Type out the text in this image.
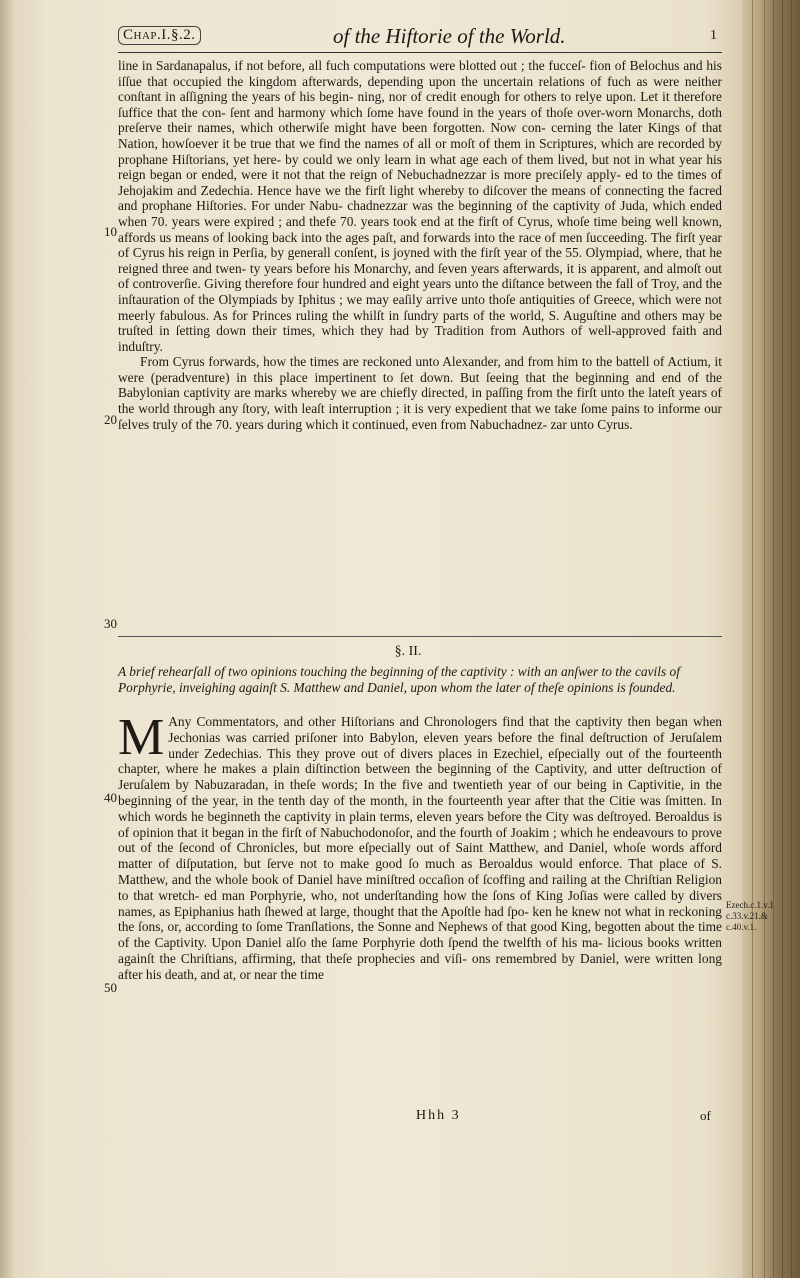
Chap.I.§.2.	of the Hiftorie of the World.	1
10
20
30
40
50

line in Sardanapalus, if not before, all fuch computations were blotted out ; the fucceſ- fion of Belochus and his iſſue that occupied the kingdom afterwards, depending upon the uncertain relations of fuch as were neither conſtant in aſſigning the years of his begin- ning, nor of credit enough for others to relye upon. Let it therefore ſuffice that the con- ſent and harmony which ſome have found in the years of thoſe over-worn Monarchs, doth preſerve their names, which otherwiſe might have been forgotten. Now con- cerning the later Kings of that Nation, howſoever it be true that we find the names of all or moſt of them in Scriptures, which are recorded by prophane Hiſtorians, yet here- by could we only learn in what age each of them lived, but not in what year his reign began or ended, were it not that the reign of Nebuchadnezzar is more preciſely apply- ed to the times of Jehojakim and Zedechia. Hence have we the firſt light whereby to diſcover the means of connecting the facred and prophane Hiſtories. For under Nabu- chadnezzar was the beginning of the captivity of Juda, which ended when 70. years were expired ; and thefe 70. years took end at the firſt of Cyrus, whoſe time being well known, affords us means of looking back into the ages paſt, and forwards into the race of men ſucceeding. The firſt year of Cyrus his reign in Perſia, by generall conſent, is joyned with the firſt year of the 55. Olympiad, where, that he reigned three and twen- ty years before his Monarchy, and ſeven years afterwards, it is apparent, and almoſt out of controverſie. Giving therefore four hundred and eight years unto the diſtance between the fall of Troy, and the inſtauration of the Olympiads by Iphitus ; we may eaſily arrive unto thoſe antiquities of Greece, which were not meerly fabulous. As for Princes ruling the whilſt in ſundry parts of the world, S. Auguſtine and others may be truſted in ſetting down their times, which they had by Tradition from Authors of well-approved faith and induſtry.

From Cyrus forwards, how the times are reckoned unto Alexander, and from him to the battell of Actium, it were (peradventure) in this place impertinent to ſet down. But ſeeing that the beginning and end of the Babylonian captivity are marks whereby we are chiefly directed, in paſſing from the firſt unto the lateſt years of the world through any ſtory, with leaſt interruption ; it is very expedient that we take ſome pains to informe our ſelves truly of the 70. years during which it continued, even from Nabuchadnez- zar unto Cyrus.

§. II.
A brief rehearſall of two opinions touching the beginning of the captivity : with an anſwer to the cavils of Porphyrie, inveighing againſt S. Matthew and Daniel, upon whom the later of theſe opinions is founded.
M Any Commentators, and other Hiſtorians and Chronologers find that the captivity then began when Jechonias was carried priſoner into Babylon, eleven years before the final deſtruction of Jeruſalem under Zedechias. This they prove out of divers places in Ezechiel, eſpecially out of the fourteenth chapter, where he makes a plain diſtinction between the beginning of the Captivity, and utter deſtruction of Jeruſalem by Nabuzaradan, in theſe words; In the five and twentieth year of our being in Captivitie, in the beginning of the year, in the tenth day of the month, in the fourteenth year after that the Citie was ſmitten. In which words he beginneth the captivity in plain terms, eleven years before the City was deſtroyed. Beroaldus is of opinion that it began in the firſt of Nabuchodonoſor, and the fourth of Joakim ; which he endeavours to prove out of the ſecond of Chronicles, but more eſpecially out of Saint Matthew, and Daniel, whoſe words afford matter of diſputation, but ſerve not to make good ſo much as Beroaldus would enforce. That place of S. Matthew, and the whole book of Daniel have miniſtred occaſion of ſcoffing and railing at the Chriſtian Religion to that wretch- ed man Porphyrie, who, not underſtanding how the ſons of King Joſias were called by divers names, as Epiphanius hath ſhewed at large, thought that the Apoſtle had ſpo- ken he knew not what in reckoning the ſons, or, according to ſome Tranſlations, the Sonne and Nephews of that good King, begotten about the time of the Captivity. Upon Daniel alſo the ſame Porphyrie doth ſpend the twelfth of his ma- licious books written againſt the Chriſtians, affirming, that theſe prophecies and viſi- ons remembred by Daniel, were written long after his death, and at, or near the time
Ezech.c.1.v.1 c.33.v.21.& c.40.v.1.
Hhh 3	of
